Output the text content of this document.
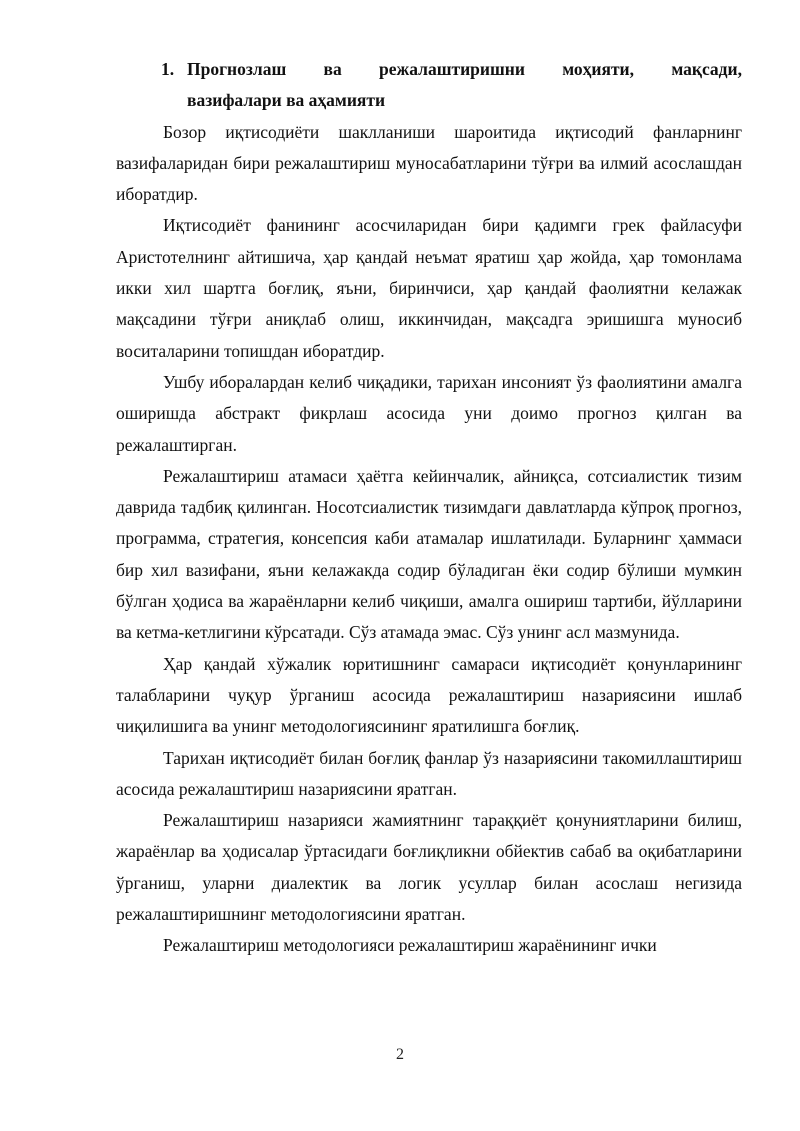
1. Прогнозлаш ва режалаштиришни моҳияти, мақсади,
вазифалари ва аҳамияти

Бозор иқтисодиёти шаклланиши шароитида иқтисодий фанларнинг вазифаларидан бири режалаштириш муносабатларини тўғри ва илмий асослашдан иборатдир.

Иқтисодиёт фанининг асосчиларидан бири қадимги грек файласуфи Аристотелнинг айтишича, ҳар қандай неъмат яратиш ҳар жойда, ҳар томонлама икки хил шартга боғлиқ, яъни, биринчиси, ҳар қандай фаолиятни келажак мақсадини тўғри аниқлаб олиш, иккинчидан, мақсадга эришишга муносиб воситаларини топишдан иборатдир.

Ушбу иборалардан келиб чиқадики, тарихан инсоният ўз фаолиятини амалга оширишда абстракт фикрлаш асосида уни доимо прогноз қилган ва режалаштирган.

Режалаштириш атамаси ҳаётга кейинчалик, айниқса, сотсиалистик тизим даврида тадбиқ қилинган. Носотсиалистик тизимдаги давлатларда кўпроқ прогноз, программа, стратегия, консепсия каби атамалар ишлатилади. Буларнинг ҳаммаси бир хил вазифани, яъни келажакда содир бўладиган ёки содир бўлиши мумкин бўлган ҳодиса ва жараёнларни келиб чиқиши, амалга ошириш тартиби, йўлларини ва кетма-кетлигини кўрсатади. Сўз атамада эмас. Сўз унинг асл мазмунида.

Ҳар қандай хўжалик юритишнинг самараси иқтисодиёт қонунларининг талабларини чуқур ўрганиш асосида режалаштириш назариясини ишлаб чиқилишига ва унинг методологиясининг яратилишга боғлиқ.

Тарихан иқтисодиёт билан боғлиқ фанлар ўз назариясини такомиллаштириш асосида режалаштириш назариясини яратган.

Режалаштириш назарияси жамиятнинг тараққиёт қонуниятларини билиш, жараёнлар ва ҳодисалар ўртасидаги боғлиқликни обйектив сабаб ва оқибатларини ўрганиш, уларни диалектик ва логик усуллар билан асослаш негизида режалаштиришнинг методологиясини яратган.

Режалаштириш методологияси режалаштириш жараёнининг ички

2
